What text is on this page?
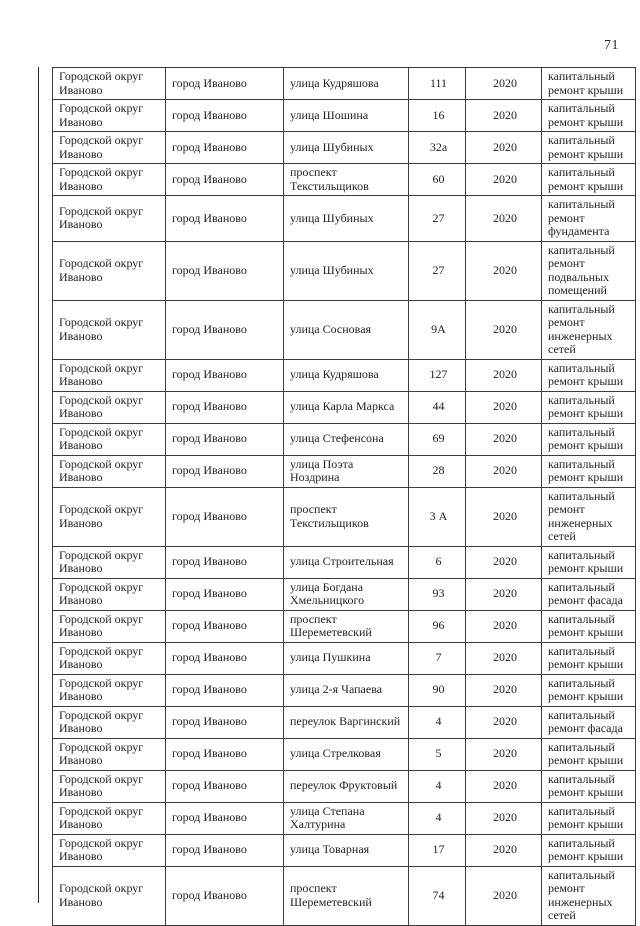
71
Городской округ Иваново	город Иваново	улица Кудряшова	111	2020	капитальный ремонт крыши
Городской округ Иваново	город Иваново	улица Шошина	16	2020	капитальный ремонт крыши
Городской округ Иваново	город Иваново	улица Шубиных	32а	2020	капитальный ремонт крыши
Городской округ Иваново	город Иваново	проспект Текстильщиков	60	2020	капитальный ремонт крыши
Городской округ Иваново	город Иваново	улица Шубиных	27	2020	капитальный ремонт фундамента
Городской округ Иваново	город Иваново	улица Шубиных	27	2020	капитальный ремонт подвальных помещений
Городской округ Иваново	город Иваново	улица Сосновая	9А	2020	капитальный ремонт инженерных сетей
Городской округ Иваново	город Иваново	улица Кудряшова	127	2020	капитальный ремонт крыши
Городской округ Иваново	город Иваново	улица Карла Маркса	44	2020	капитальный ремонт крыши
Городской округ Иваново	город Иваново	улица Стефенсона	69	2020	капитальный ремонт крыши
Городской округ Иваново	город Иваново	улица Поэта Ноздрина	28	2020	капитальный ремонт крыши
Городской округ Иваново	город Иваново	проспект Текстильщиков	3 А	2020	капитальный ремонт инженерных сетей
Городской округ Иваново	город Иваново	улица Строительная	6	2020	капитальный ремонт крыши
Городской округ Иваново	город Иваново	улица Богдана Хмельницкого	93	2020	капитальный ремонт фасада
Городской округ Иваново	город Иваново	проспект Шереметевский	96	2020	капитальный ремонт крыши
Городской округ Иваново	город Иваново	улица Пушкина	7	2020	капитальный ремонт крыши
Городской округ Иваново	город Иваново	улица 2-я Чапаева	90	2020	капитальный ремонт крыши
Городской округ Иваново	город Иваново	переулок Варгинский	4	2020	капитальный ремонт фасада
Городской округ Иваново	город Иваново	улица Стрелковая	5	2020	капитальный ремонт крыши
Городской округ Иваново	город Иваново	переулок Фруктовый	4	2020	капитальный ремонт крыши
Городской округ Иваново	город Иваново	улица Степана Халтурина	4	2020	капитальный ремонт крыши
Городской округ Иваново	город Иваново	улица Товарная	17	2020	капитальный ремонт крыши
Городской округ Иваново	город Иваново	проспект Шереметевский	74	2020	капитальный ремонт инженерных сетей
